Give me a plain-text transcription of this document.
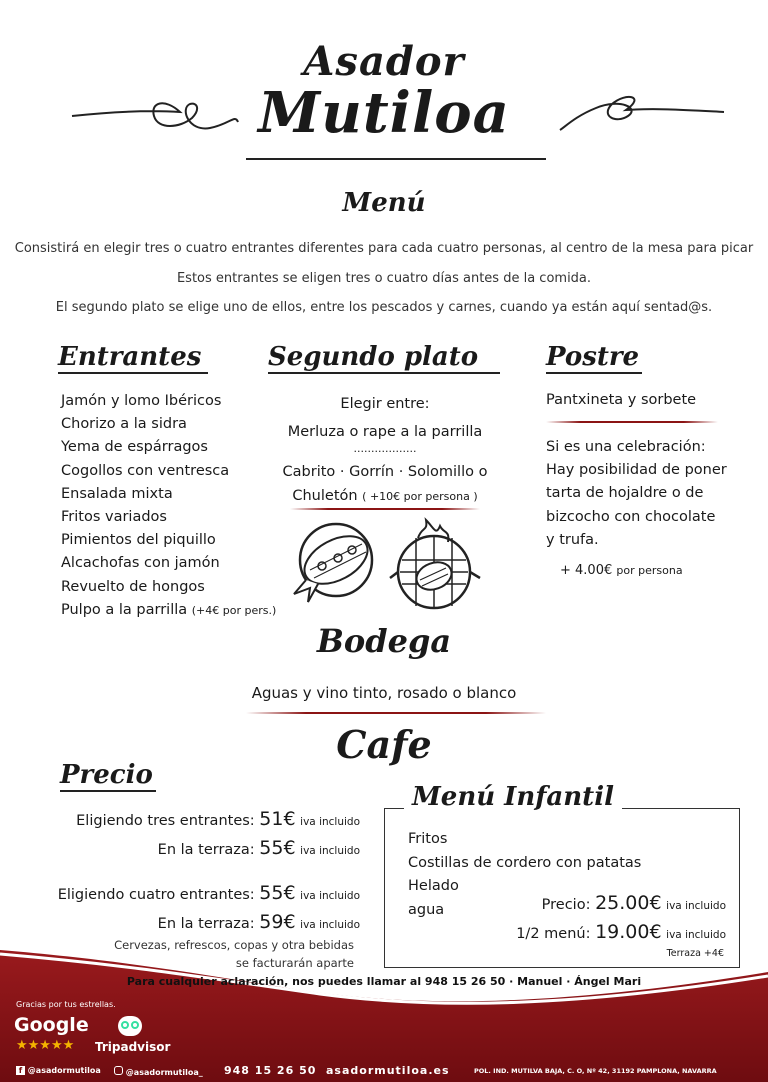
Asador
Mutiloa
Menú
Consistirá en elegir tres o cuatro entrantes diferentes para cada cuatro personas, al centro de la mesa para picar
Estos entrantes se eligen tres o cuatro días antes de la comida.
El segundo plato se elige uno de ellos, entre los pescados y carnes, cuando ya están aquí sentad@s.
Entrantes
Jamón y lomo Ibéricos
Chorizo a la sidra
Yema de espárragos
Cogollos con ventresca
Ensalada mixta
Fritos variados
Pimientos del piquillo
Alcachofas con jamón
Revuelto de hongos
Pulpo a la parrilla (+4€ por pers.)
Segundo plato
Elegir entre:
Merluza o rape a la parrilla
..................
Cabrito · Gorrín · Solomillo o
Chuletón ( +10€ por persona )
Postre
Pantxineta y sorbete
Si es una celebración:
Hay posibilidad de poner
tarta de hojaldre o de
bizcocho con chocolate
y trufa.
+ 4.00€ por persona
Bodega
Aguas y vino tinto, rosado o blanco
Cafe
Precio
Eligiendo tres entrantes: 51€ iva incluido
En la terraza: 55€ iva incluido
Eligiendo cuatro entrantes: 55€ iva incluido
En la terraza: 59€ iva incluido
Cervezas, refrescos, copas y otra bebidas
se facturarán aparte
Menú Infantil
Fritos
Costillas de cordero con patatas
Helado
agua	Precio: 25.00€ iva incluido
1/2 menú: 19.00€ iva incluido
Terraza +4€
Para cualquier aclaración, nos puedes llamar al 948 15 26 50 · Manuel · Ángel Mari
Gracias por tus estrellas.
Google
★★★★★ Tripadvisor
f @asadormutiloa	@asadormutiloa_ 948 15 26 50 asadormutiloa.es	POL. IND. MUTILVA BAJA, C. O, Nº 42, 31192 PAMPLONA, NAVARRA
